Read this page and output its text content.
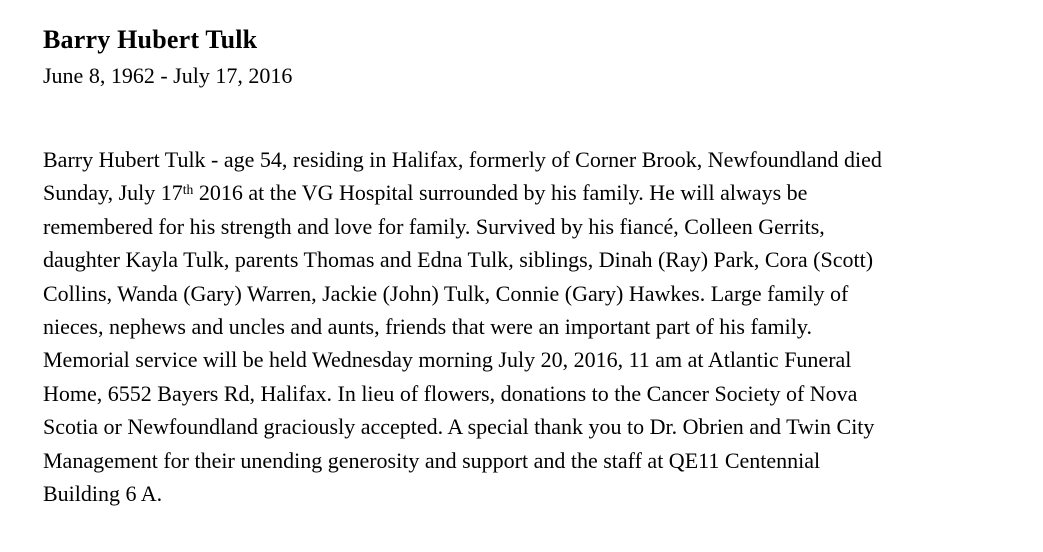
Barry Hubert Tulk
June 8, 1962 - July 17, 2016
Barry Hubert Tulk - age 54, residing in Halifax, formerly of Corner Brook, Newfoundland died
Sunday, July 17th 2016 at the VG Hospital surrounded by his family. He will always be
remembered for his strength and love for family. Survived by his fiancé, Colleen Gerrits,
daughter Kayla Tulk, parents Thomas and Edna Tulk, siblings, Dinah (Ray) Park, Cora (Scott)
Collins, Wanda (Gary) Warren, Jackie (John) Tulk, Connie (Gary) Hawkes. Large family of
nieces, nephews and uncles and aunts, friends that were an important part of his family.
Memorial service will be held Wednesday morning July 20, 2016, 11 am at Atlantic Funeral
Home, 6552 Bayers Rd, Halifax. In lieu of flowers, donations to the Cancer Society of Nova
Scotia or Newfoundland graciously accepted. A special thank you to Dr. Obrien and Twin City
Management for their unending generosity and support and the staff at QE11 Centennial
Building 6 A.
